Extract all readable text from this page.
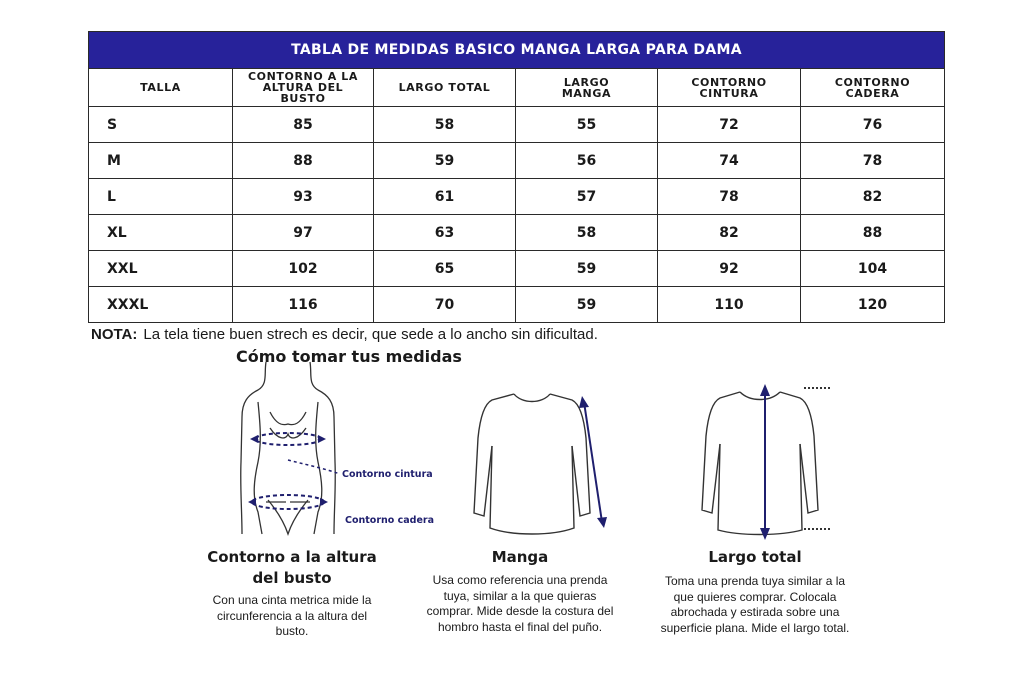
TABLA DE MEDIDAS BASICO MANGA LARGA PARA DAMA					
TALLA	CONTORNO A LA ALTURA DEL BUSTO	LARGO TOTAL	LARGO MANGA	CONTORNO CINTURA	CONTORNO CADERA
S	85	58	55	72	76
M	88	59	56	74	78
L	93	61	57	78	82
XL	97	63	58	82	88
XXL	102	65	59	92	104
XXXL	116	70	59	110	120
NOTA: La tela tiene buen strech es decir, que sede a lo ancho sin dificultad.
Cómo tomar tus medidas
Contorno cintura
Contorno cadera
Contorno a la altura del busto
Con una cinta metrica mide la circunferencia a la altura del busto.
Manga
Usa como referencia una prenda tuya, similar a la que quieras comprar. Mide desde la costura del hombro hasta el final del puño.
Largo total
Toma una prenda tuya similar a la que quieres comprar. Colocala abrochada y estirada sobre una superficie plana. Mide el largo total.
